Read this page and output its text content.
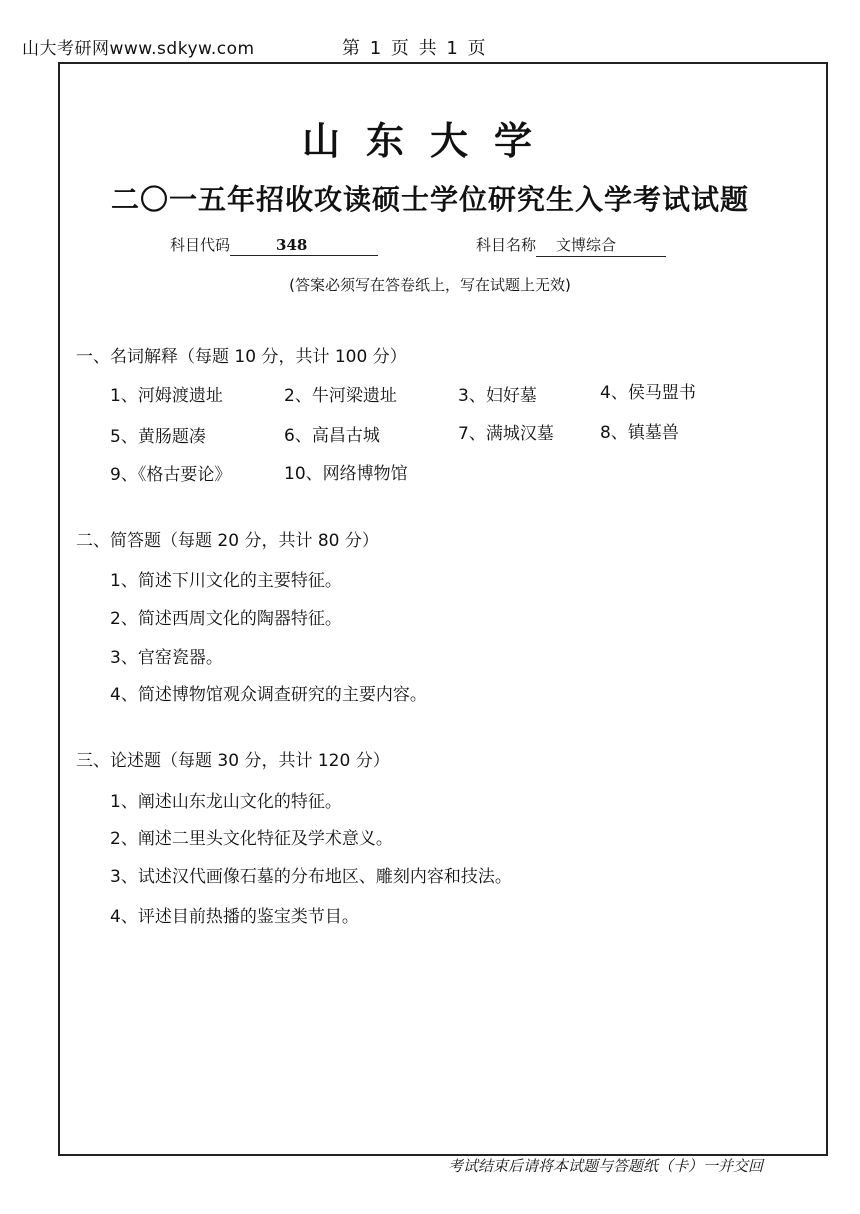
山大考研网www.sdkyw.com	第 1 页 共 1 页
山东大学
二〇一五年招收攻读硕士学位研究生入学考试试题
科目代码	348	科目名称 文博综合
(答案必须写在答卷纸上，写在试题上无效)
一、名词解释（每题 10 分，共计 100 分）
1、河姆渡遗址	2、牛河梁遗址	3、妇好墓	4、侯马盟书
5、黄肠题凑	6、高昌古城	7、满城汉墓	8、镇墓兽
9、《格古要论》	10、网络博物馆
二、简答题（每题 20 分，共计 80 分）
1、简述下川文化的主要特征。
2、简述西周文化的陶器特征。
3、官窑瓷器。
4、简述博物馆观众调查研究的主要内容。
三、论述题（每题 30 分，共计 120 分）
1、阐述山东龙山文化的特征。
2、阐述二里头文化特征及学术意义。
3、试述汉代画像石墓的分布地区、雕刻内容和技法。
4、评述目前热播的鉴宝类节目。
考试结束后请将本试题与答题纸（卡）一并交回
